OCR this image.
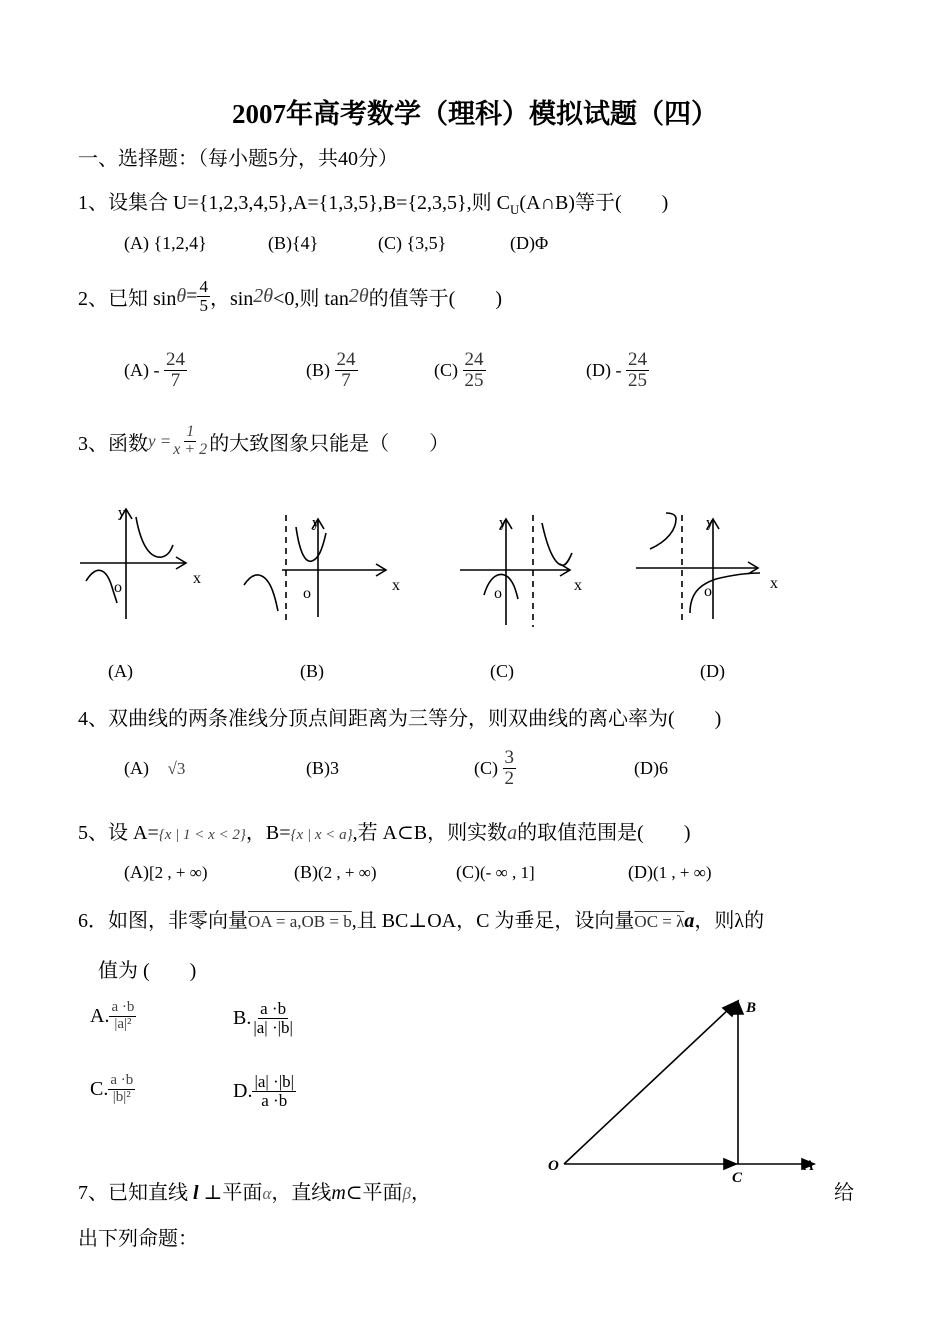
2007年高考数学（理科）模拟试题（四）
一、选择题：（每小题5分，共40分）
1、设集合 U={1,2,3,4,5},A={1,3,5},B={2,3,5},则 $C_U(A\cap B)$等于(　　)
(A) {1,2,4}	(B){4}	(C) {3,5}	(D)Φ
2、已知 $\sin\theta= \frac{4}{5}$ ，sin2θ<0,则 tan2θ的值等于(　　)
$(A) - \frac{24}{7}$	$(B) \frac{24}{7}$	$(C) \frac{24}{25}$	$(D) - \frac{24}{25}$
3、函数$y = \frac{1}{x + 2}$ 的大致图象只能是（　　）
o
x
y
(A)
o	x
y
(B)
o	x
y
(C)
o	x
y
(D)
4、双曲线的两条准线分顶点间距离为三等分，则双曲线的离心率为(　　)
(A) √3	(B)3	$(C) \frac{3}{2}$	(D)6
5、设 A={x | 1 < x < 2}，B={x | x < a},若 A⊂B，则实数a的取值范围是(　　)
(A)[2 , + ∞)	(B)(2 , + ∞)	(C)(- ∞ , 1]	(D)(1 , + ∞)
6．如图，非零向量OA = a,OB = b,且 BC⊥OA，C 为垂足，设向量OC = λa，则λ的
值为 (　　)
A. $\frac{a \cdot b}{\text{|a|²}}$	B. $\frac{a \cdot b}{|a| \cdot|b|}$
C. $\frac{a \cdot b}{\text{|b|²}}$	D. $\frac{|a| \cdot|b|}{a \cdot b}$
O	A
B
C
7、已知直线 l ⊥平面α，直线m⊂平面β，	给
出下列命题：
